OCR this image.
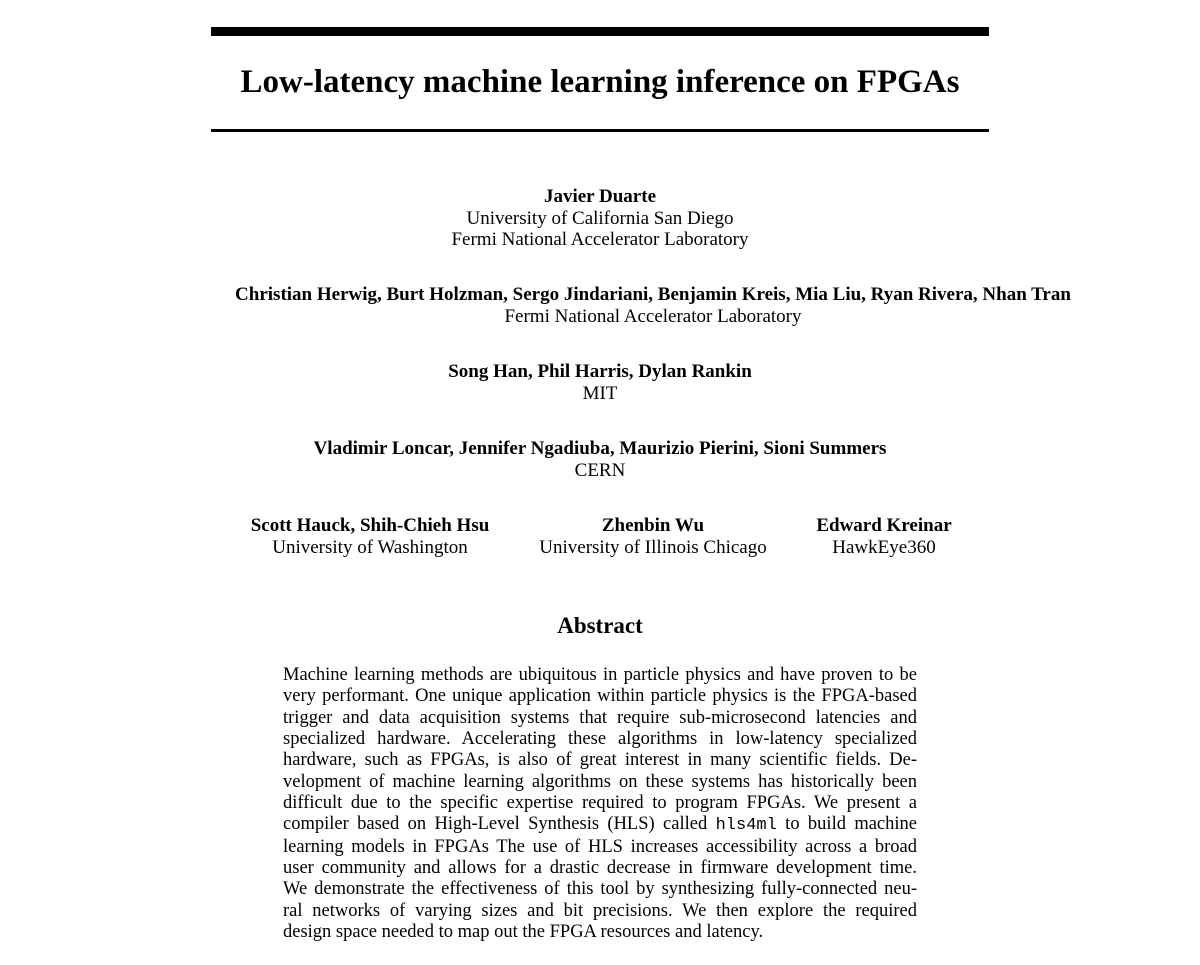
Low-latency machine learning inference on FPGAs
Javier Duarte
University of California San Diego
Fermi National Accelerator Laboratory
Christian Herwig, Burt Holzman, Sergo Jindariani, Benjamin Kreis, Mia Liu, Ryan Rivera, Nhan Tran
Fermi National Accelerator Laboratory
Song Han, Phil Harris, Dylan Rankin
MIT
Vladimir Loncar, Jennifer Ngadiuba, Maurizio Pierini, Sioni Summers
CERN
Scott Hauck, Shih-Chieh Hsu
University of Washington
Zhenbin Wu
University of Illinois Chicago
Edward Kreinar
HawkEye360
Abstract
Machine learning methods are ubiquitous in particle physics and have proven to be
very performant. One unique application within particle physics is the FPGA-based
trigger and data acquisition systems that require sub-microsecond latencies and
specialized hardware. Accelerating these algorithms in low-latency specialized
hardware, such as FPGAs, is also of great interest in many scientific fields. De-
velopment of machine learning algorithms on these systems has historically been
difficult due to the specific expertise required to program FPGAs. We present a
compiler based on High-Level Synthesis (HLS) called hls4ml to build machine
learning models in FPGAs The use of HLS increases accessibility across a broad
user community and allows for a drastic decrease in firmware development time.
We demonstrate the effectiveness of this tool by synthesizing fully-connected neu-
ral networks of varying sizes and bit precisions. We then explore the required
design space needed to map out the FPGA resources and latency.
